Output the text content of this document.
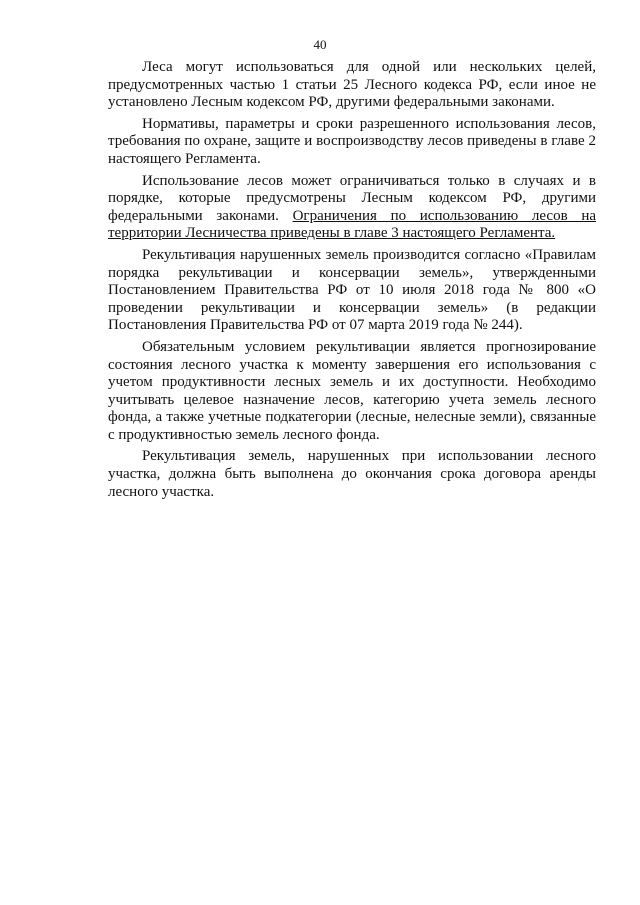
40

Леса могут использоваться для одной или нескольких целей, предусмотренных частью 1 статьи 25 Лесного кодекса РФ, если иное не установлено Лесным кодексом РФ, другими федеральными законами.

Нормативы, параметры и сроки разрешенного использования лесов, требования по охране, защите и воспроизводству лесов приведены в главе 2 настоящего Регламента.

Использование лесов может ограничиваться только в случаях и в порядке, которые предусмотрены Лесным кодексом РФ, другими федеральными законами. Ограничения по использованию лесов на территории Лесничества приведены в главе 3 настоящего Регламента.

Рекультивация нарушенных земель производится согласно «Правилам порядка рекультивации и консервации земель», утвержденными Постановлением Правительства РФ от 10 июля 2018 года № 800 «О проведении рекультивации и консервации земель» (в редакции Постановления Правительства РФ от 07 марта 2019 года № 244).

Обязательным условием рекультивации является прогнозирование состояния лесного участка к моменту завершения его использования с учетом продуктивности лесных земель и их доступности. Необходимо учитывать целевое назначение лесов, категорию учета земель лесного фонда, а также учетные подкатегории (лесные, нелесные земли), связанные с продуктивностью земель лесного фонда.

Рекультивация земель, нарушенных при использовании лесного участка, должна быть выполнена до окончания срока договора аренды лесного участка.
